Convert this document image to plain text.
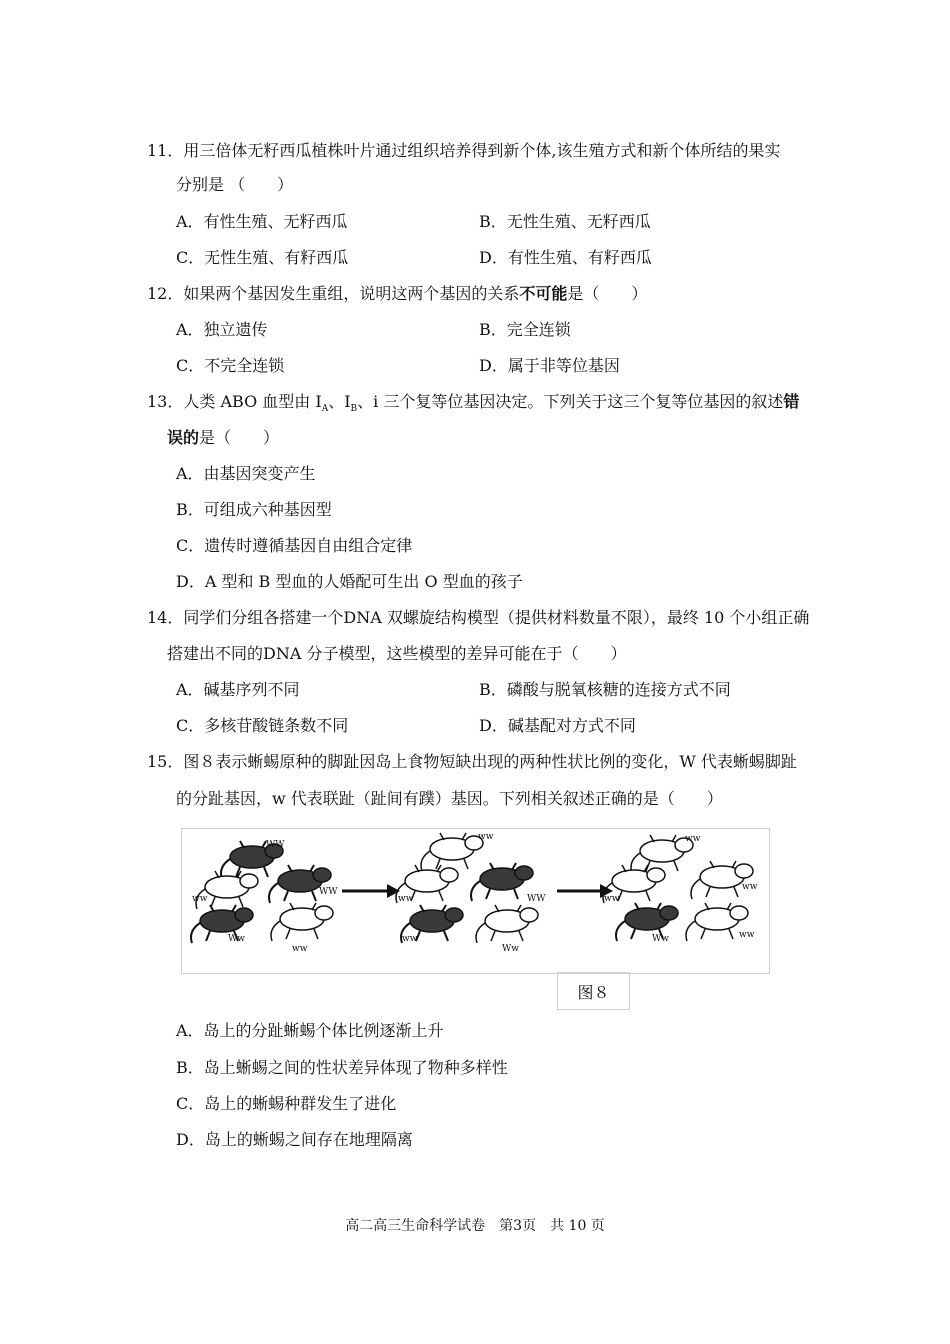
11．用三倍体无籽西瓜植株叶片通过组织培养得到新个体,该生殖方式和新个体所结的果实
分别是 （　　）
A．有性生殖、无籽西瓜	B．无性生殖、无籽西瓜
C．无性生殖、有籽西瓜	D．有性生殖、有籽西瓜
12．如果两个基因发生重组，说明这两个基因的关系不可能是（　　）
A．独立遗传	B．完全连锁
C．不完全连锁	D．属于非等位基因
13．人类 ABO 血型由 $I_A$、$I_B$、i 三个复等位基因决定。下列关于这三个复等位基因的叙述错
误的是（　　）
A．由基因突变产生
B．可组成六种基因型
C．遗传时遵循基因自由组合定律
D．A 型和 B 型血的人婚配可生出 O 型血的孩子
14．同学们分组各搭建一个DNA 双螺旋结构模型（提供材料数量不限），最终 10 个小组正确
搭建出不同的DNA 分子模型，这些模型的差异可能在于（　　）
A．碱基序列不同	B．磷酸与脱氧核糖的连接方式不同
C．多核苷酸链条数不同	D．碱基配对方式不同
15．图８表示蜥蜴原种的脚趾因岛上食物短缺出现的两种性状比例的变化，W 代表蜥蜴脚趾
的分趾基因，w 代表联趾（趾间有蹼）基因。下列相关叙述正确的是（　　）
WW
ww
WW
Ww
ww
ww
ww	WW
ww
Ww
ww
ww
ww
Ww	ww
图８
A．岛上的分趾蜥蜴个体比例逐渐上升
B．岛上蜥蜴之间的性状差异体现了物种多样性
C．岛上的蜥蜴种群发生了进化
D．岛上的蜥蜴之间存在地理隔离
高二高三生命科学试卷　第3页　共 10 页
